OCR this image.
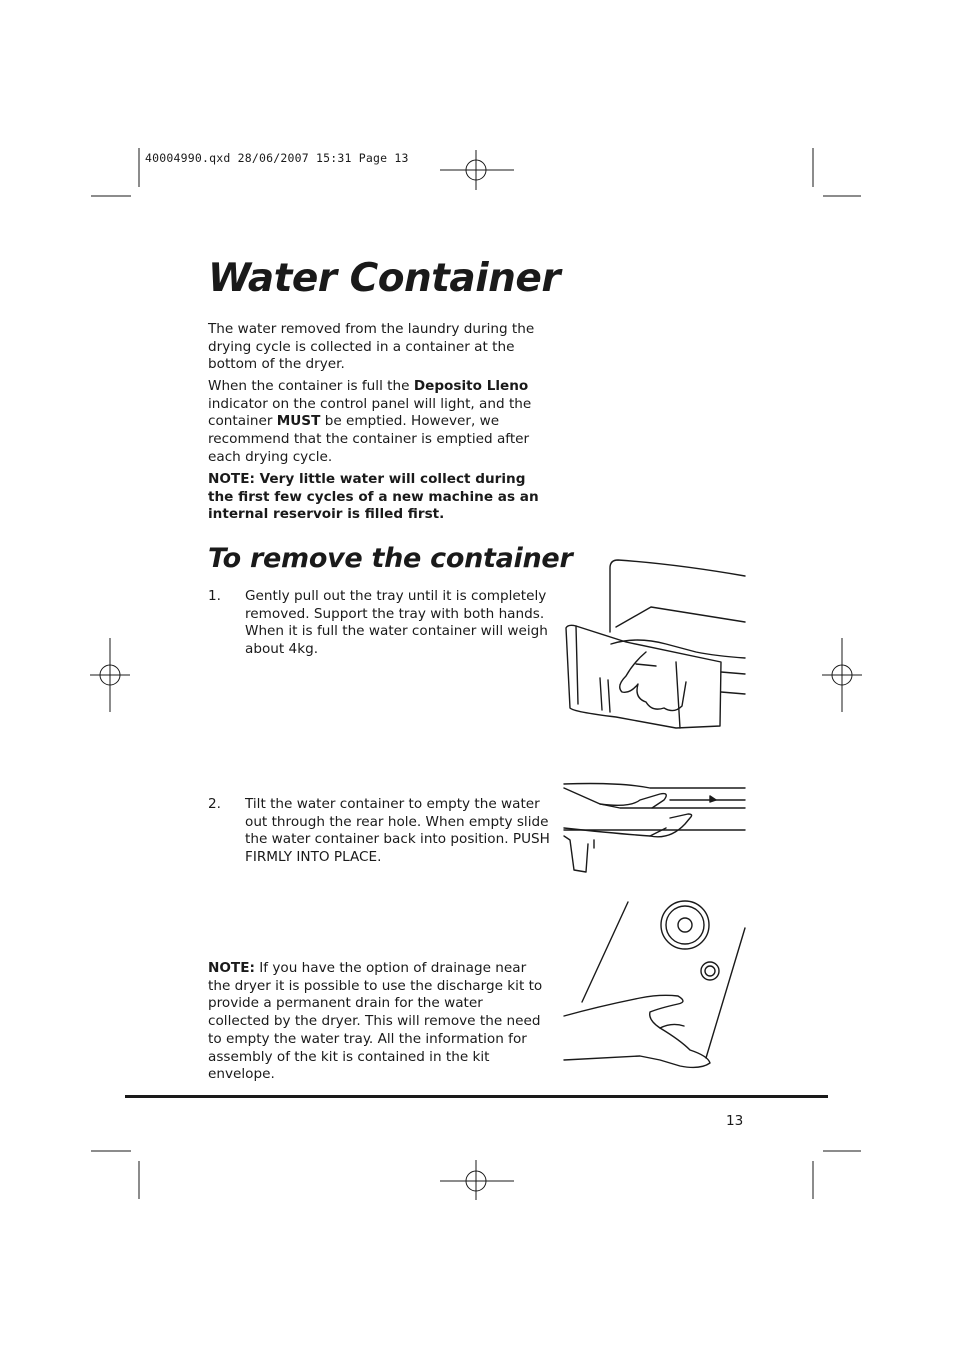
40004990.qxd 28/06/2007 15:31 Page 13
Water Container

The water removed from the laundry during the drying cycle is collected in a container at the bottom of the dryer.

When the container is full the Deposito Lleno indicator on the control panel will light, and the container MUST be emptied. However, we recommend that the container is emptied after each drying cycle.

NOTE: Very little water will collect during the first few cycles of a new machine as an internal reservoir is filled first.

To remove the container
1. Gently pull out the tray until it is completely removed. Support the tray with both hands. When it is full the water container will weigh about 4kg.
2. Tilt the water container to empty the water out through the rear hole. When empty slide the water container back into position. PUSH FIRMLY INTO PLACE.

NOTE: If you have the option of drainage near the dryer it is possible to use the discharge kit to provide a permanent drain for the water collected by the dryer. This will remove the need to empty the water tray. All the information for assembly of the kit is contained in the kit envelope.

13
